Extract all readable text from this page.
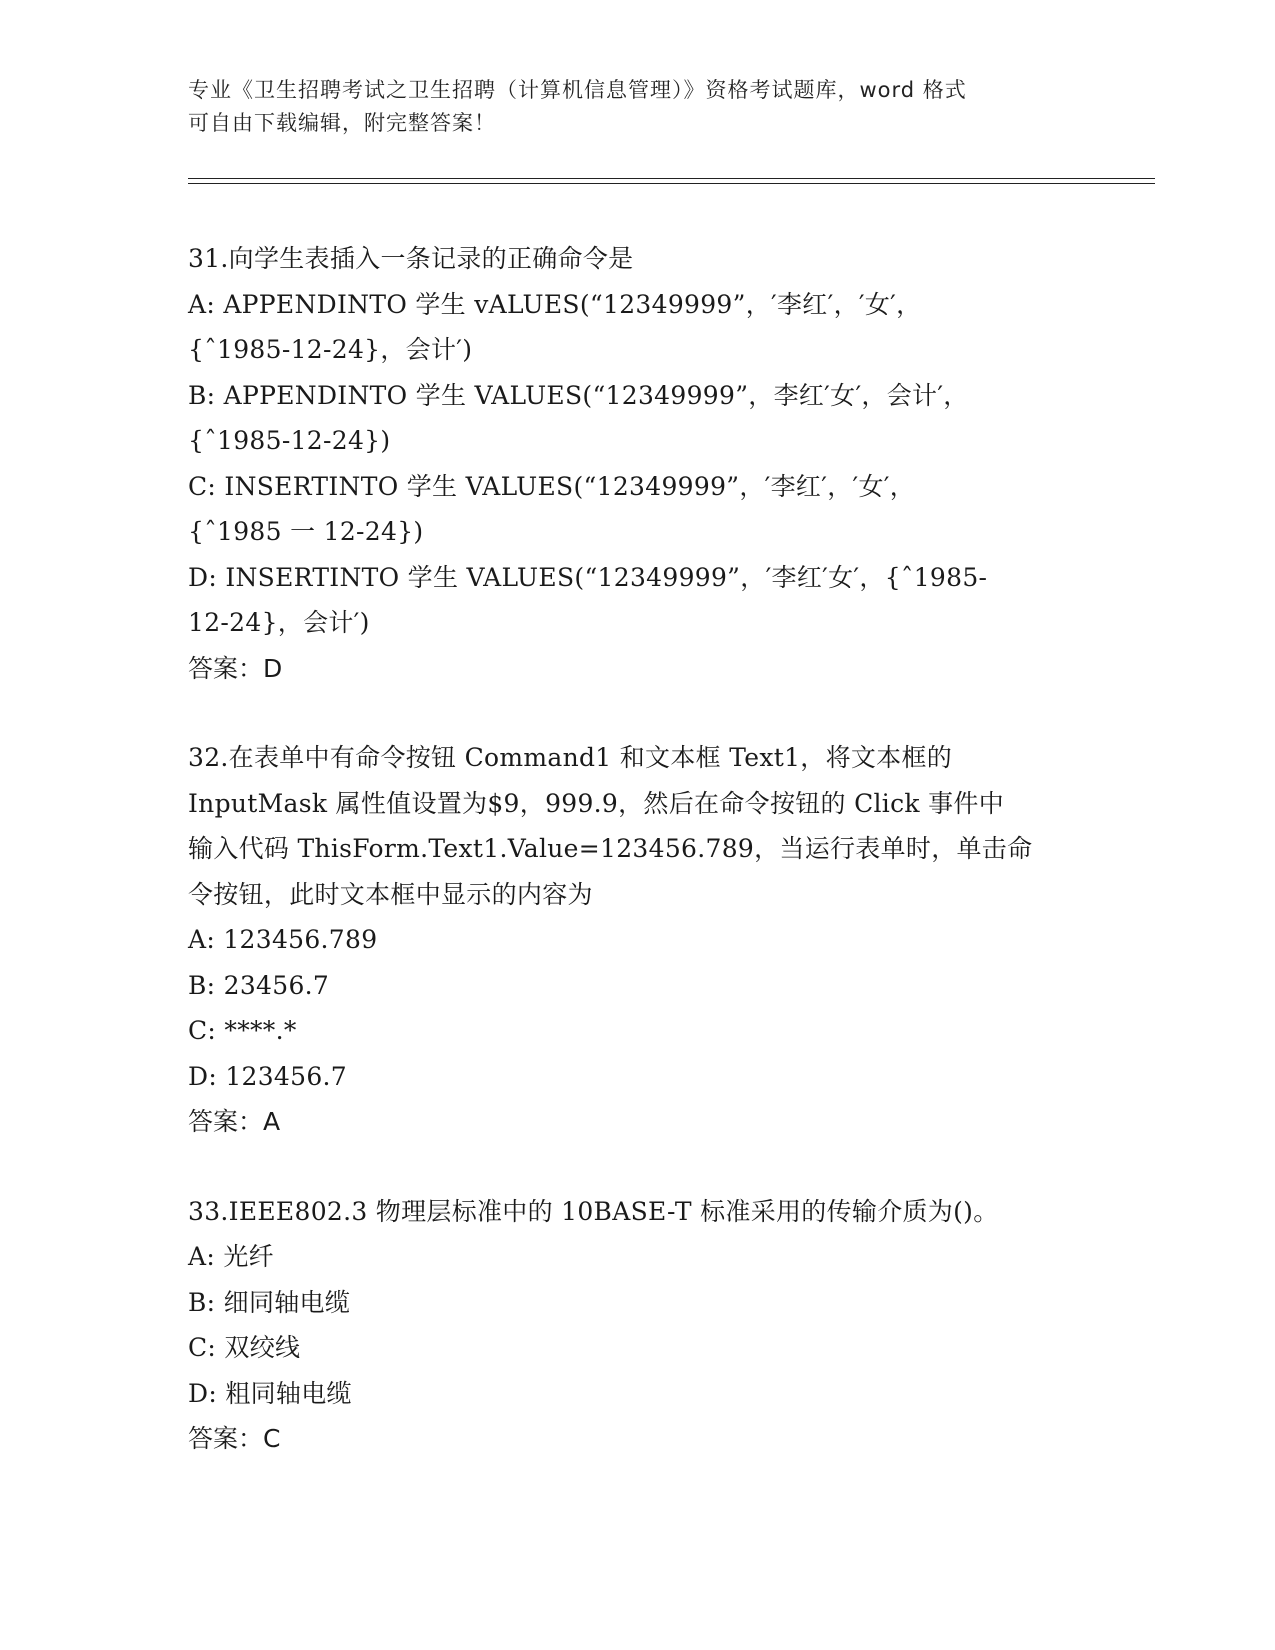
专业《卫生招聘考试之卫生招聘（计算机信息管理）》资格考试题库，word 格式
可自由下载编辑，附完整答案！
31.向学生表插入一条记录的正确命令是
A: APPENDINTO 学生 vALUES(“12349999”，′李红′，′女′，
{ˆ1985-12-24}，会计′)
B: APPENDINTO 学生 VALUES(“12349999”，李红′女′，会计′，
{ˆ1985-12-24})
C: INSERTINTO 学生 VALUES(“12349999”，′李红′，′女′，
{ˆ1985 一 12-24})
D: INSERTINTO 学生 VALUES(“12349999”，′李红′女′，{ˆ1985-
12-24}，会计′)
答案：D
32.在表单中有命令按钮 Command1 和文本框 Text1，将文本框的
InputMask 属性值设置为$9，999.9，然后在命令按钮的 Click 事件中
输入代码 ThisForm.Text1.Value=123456.789，当运行表单时，单击命
令按钮，此时文本框中显示的内容为
A: 123456.789
B: 23456.7
C: ****.*
D: 123456.7
答案：A
33.IEEE802.3 物理层标准中的 10BASE-T 标准采用的传输介质为()。
A: 光纤
B: 细同轴电缆
C: 双绞线
D: 粗同轴电缆
答案：C
